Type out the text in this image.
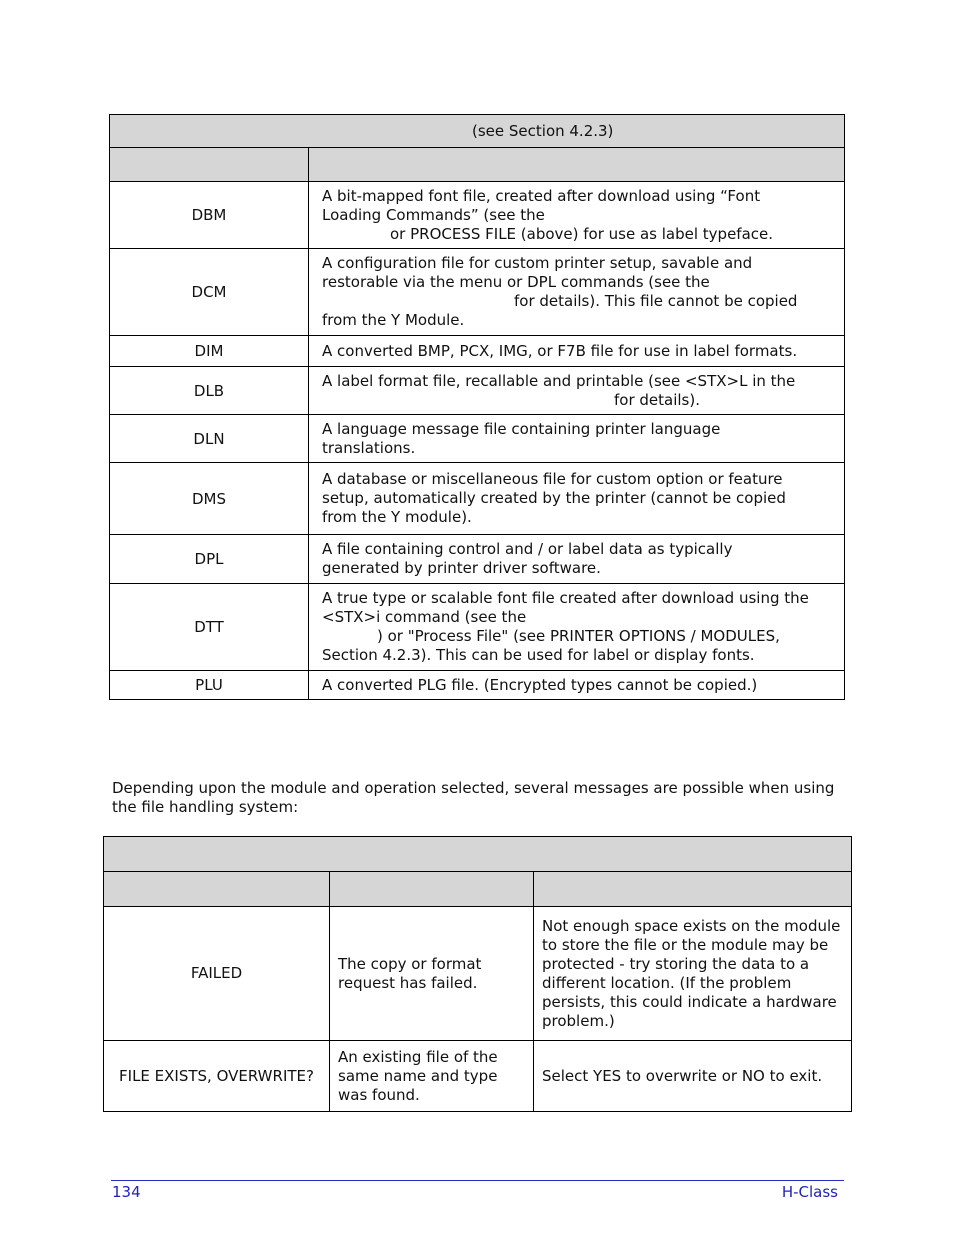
(see Section 4.2.3)	

DBM	A bit-mapped font file, created after download using “Font
Loading Commands” (see the
or PROCESS FILE (above) for use as label typeface.

DCM	A configuration file for custom printer setup, savable and
restorable via the menu or DPL commands (see the
for details). This file cannot be copied
from the Y Module.

DIM	A converted BMP, PCX, IMG, or F7B file for use in label formats.

DLB	A label format file, recallable and printable (see <STX>L in the
for details).

DLN	A language message file containing printer language
translations.

DMS	A database or miscellaneous file for custom option or feature
setup, automatically created by the printer (cannot be copied
from the Y module).

DPL	A file containing control and / or label data as typically
generated by printer driver software.

DTT	A true type or scalable font file created after download using the
<STX>i command (see the
) or "Process File" (see PRINTER OPTIONS / MODULES,
Section 4.2.3). This can be used for label or display fonts.

PLU	A converted PLG file. (Encrypted types cannot be copied.)
Depending upon the module and operation selected, several messages are possible when using the file handling system:

FAILED	The copy or format request has failed.	Not enough space exists on the module to store the file or the module may be protected - try storing the data to a different location. (If the problem persists, this could indicate a hardware problem.)
FILE EXISTS, OVERWRITE?	An existing file of the same name and type was found.	Select YES to overwrite or NO to exit.
134	H-Class
